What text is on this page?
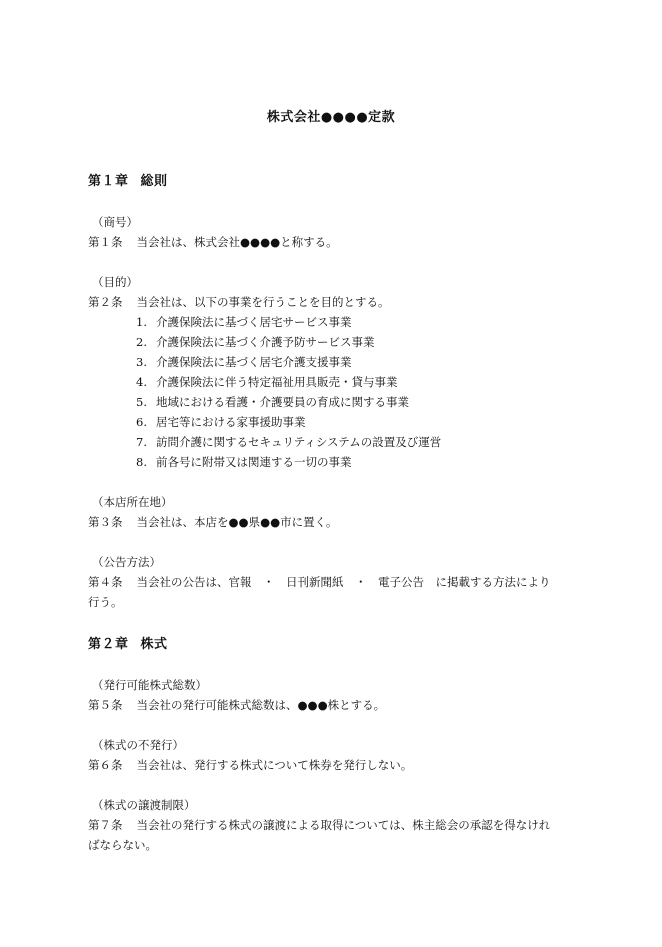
株式会社●●●●定款
第１章 総則
（商号）
第１条 当会社は、株式会社●●●●と称する。
（目的）
第２条 当会社は、以下の事業を行うことを目的とする。
1. 介護保険法に基づく居宅サービス事業
2. 介護保険法に基づく介護予防サービス事業
3. 介護保険法に基づく居宅介護支援事業
4. 介護保険法に伴う特定福祉用具販売・貸与事業
5. 地域における看護・介護要員の育成に関する事業
6. 居宅等における家事援助事業
7. 訪問介護に関するセキュリティシステムの設置及び運営
8. 前各号に附帯又は関連する一切の事業
（本店所在地）
第３条 当会社は、本店を●●県●●市に置く。
（公告方法）
第４条 当会社の公告は、官報　・　日刊新聞紙　・　電子公告　に掲載する方法により
行う。
第２章 株式
（発行可能株式総数）
第５条 当会社の発行可能株式総数は、●●●株とする。
（株式の不発行）
第６条 当会社は、発行する株式について株券を発行しない。
（株式の譲渡制限）
第７条 当会社の発行する株式の譲渡による取得については、株主総会の承認を得なけれ
ばならない。
